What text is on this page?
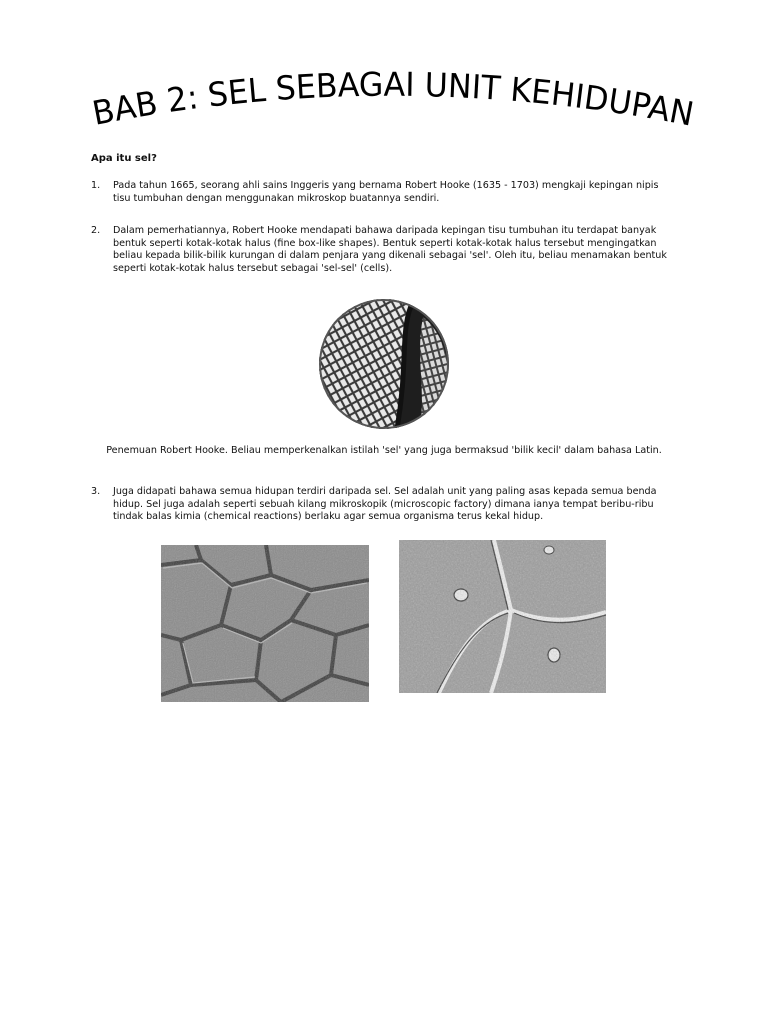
BAB 2: SEL SEBAGAI UNIT KEHIDUPAN
Apa itu sel?
1. Pada tahun 1665, seorang ahli sains Inggeris yang bernama Robert Hooke (1635 - 1703) mengkaji kepingan nipis tisu tumbuhan dengan menggunakan mikroskop buatannya sendiri.
2. Dalam pemerhatiannya, Robert Hooke mendapati bahawa daripada kepingan tisu tumbuhan itu terdapat banyak bentuk seperti kotak-kotak halus (fine box-like shapes). Bentuk seperti kotak-kotak halus tersebut mengingatkan beliau kepada bilik-bilik kurungan di dalam penjara yang dikenali sebagai 'sel'. Oleh itu, beliau menamakan bentuk seperti kotak-kotak halus tersebut sebagai 'sel-sel' (cells).
Penemuan Robert Hooke. Beliau memperkenalkan istilah 'sel' yang juga bermaksud 'bilik kecil' dalam bahasa Latin.
3. Juga didapati bahawa semua hidupan terdiri daripada sel. Sel adalah unit yang paling asas kepada semua benda hidup. Sel juga adalah seperti sebuah kilang mikroskopik (microscopic factory) dimana ianya tempat beribu-ribu tindak balas kimia (chemical reactions) berlaku agar semua organisma terus kekal hidup.
